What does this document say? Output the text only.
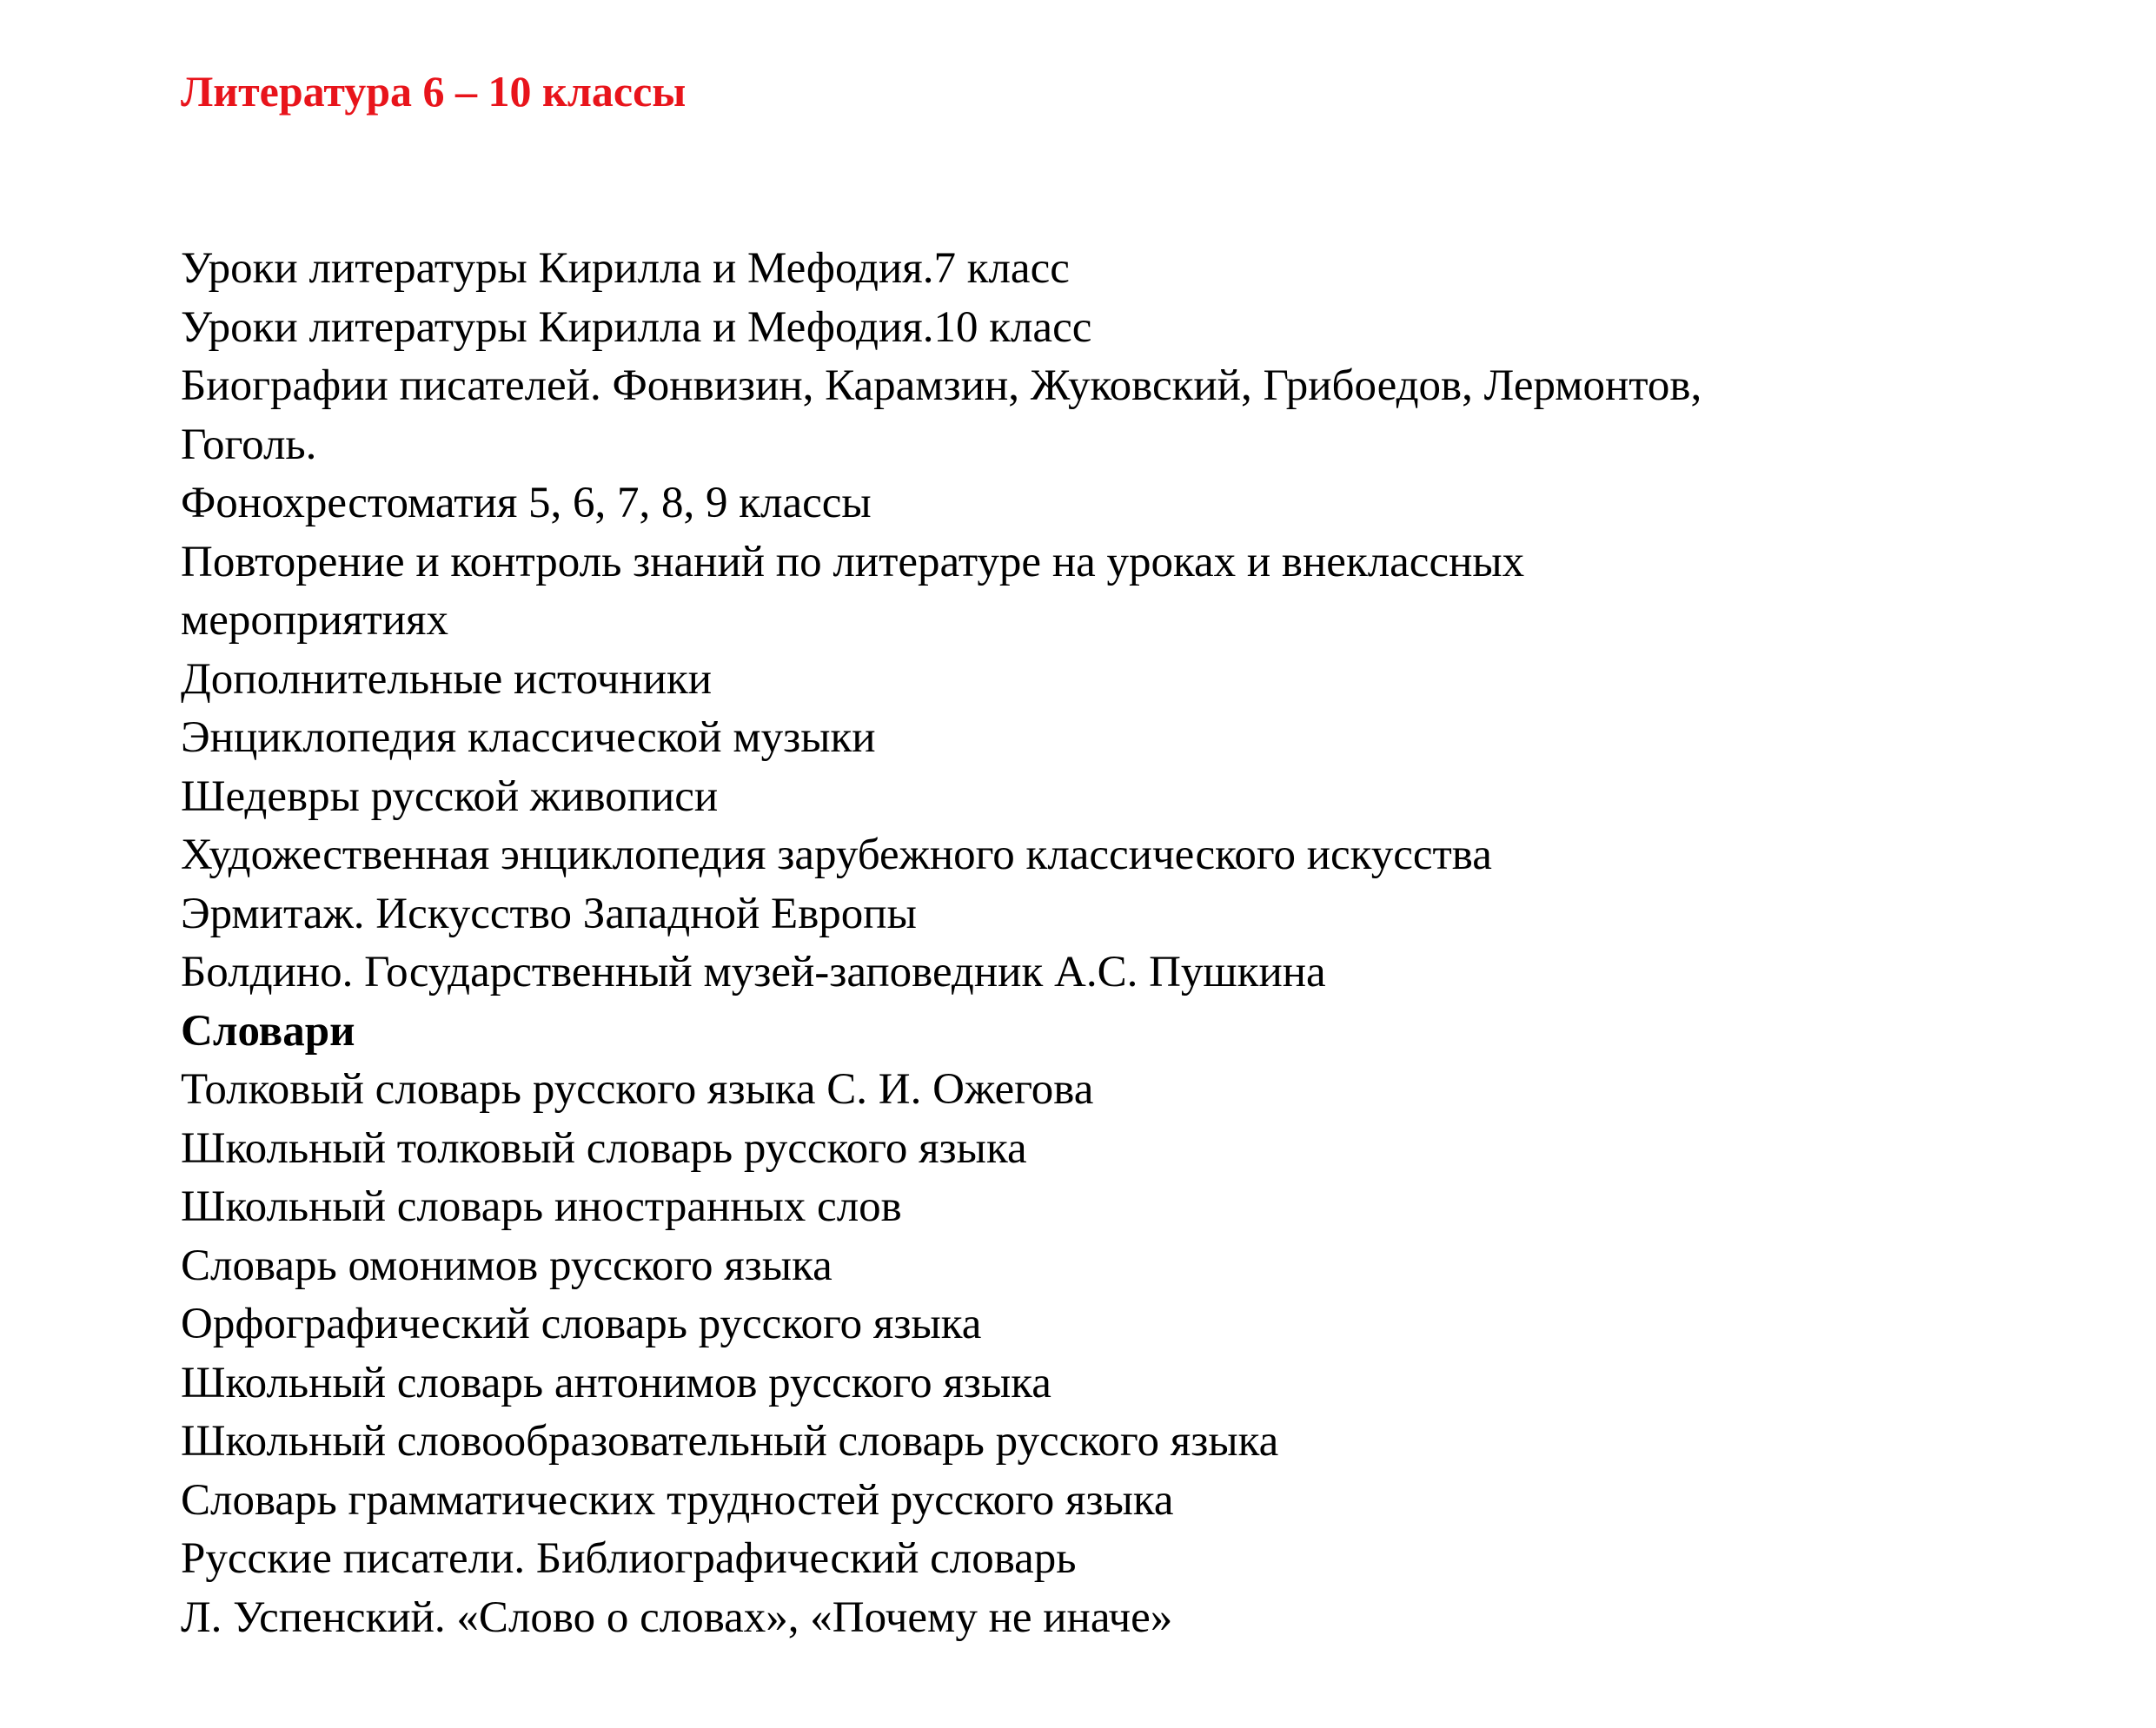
Литература 6 – 10 классы
Уроки литературы Кирилла и Мефодия.7 класс
Уроки литературы Кирилла и Мефодия.10 класс
Биографии писателей. Фонвизин, Карамзин, Жуковский, Грибоедов, Лермонтов,
Гоголь.
Фонохрестоматия 5, 6, 7, 8, 9 классы
Повторение и контроль знаний по литературе на уроках и внеклассных
мероприятиях
Дополнительные источники
Энциклопедия классической музыки
Шедевры русской живописи
Художественная энциклопедия зарубежного классического искусства
Эрмитаж. Искусство Западной Европы
Болдино. Государственный музей-заповедник А.С. Пушкина
Словари
Толковый словарь русского языка С. И. Ожегова
Школьный толковый словарь русского языка
Школьный словарь иностранных слов
Словарь омонимов русского языка
Орфографический словарь русского языка
Школьный словарь антонимов русского языка
Школьный словообразовательный словарь русского языка
Словарь грамматических трудностей русского языка
Русские писатели. Библиографический словарь
Л. Успенский. «Слово о словах», «Почему не иначе»
